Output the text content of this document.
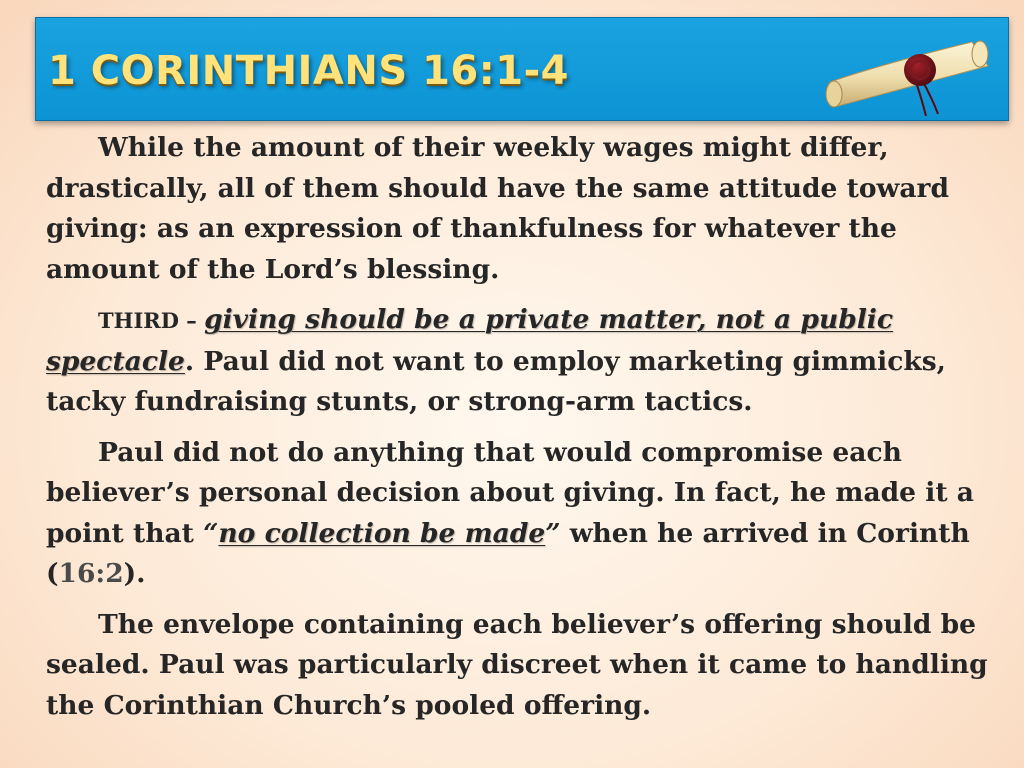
1 CORINTHIANS 16:1-4

While the amount of their weekly wages might differ, drastically, all of them should have the same attitude toward giving: as an expression of thankfulness for whatever the amount of the Lord’s blessing.

THIRD – giving should be a private matter, not a public spectacle. Paul did not want to employ marketing gimmicks, tacky fundraising stunts, or strong-arm tactics.

Paul did not do anything that would compromise each believer’s personal decision about giving. In fact, he made it a point that “no collection be made” when he arrived in Corinth (16:2).

The envelope containing each believer’s offering should be sealed. Paul was particularly discreet when it came to handling the Corinthian Church’s pooled offering.
